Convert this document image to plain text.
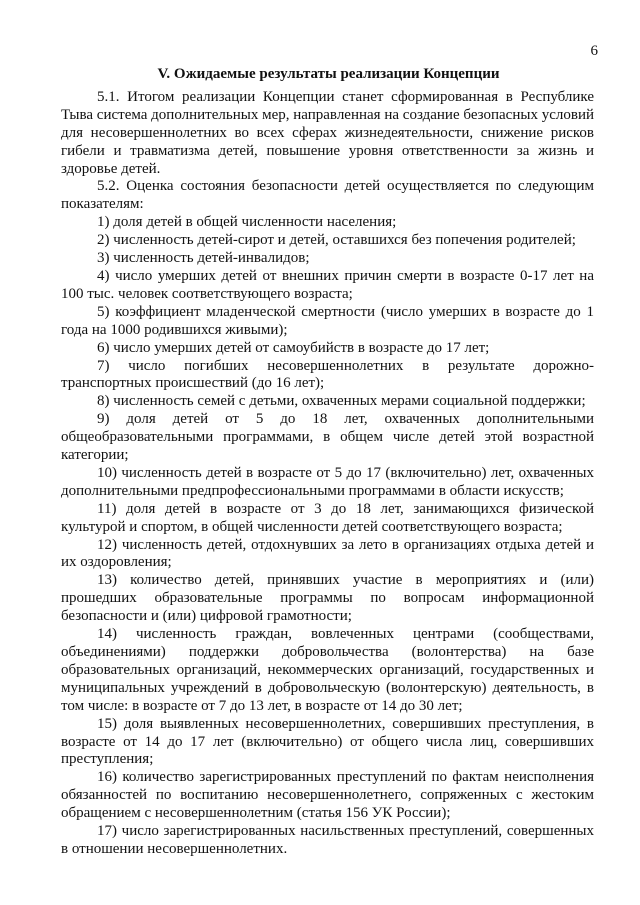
6
V. Ожидаемые результаты реализации Концепции

5.1. Итогом реализации Концепции станет сформированная в Республике Тыва система дополнительных мер, направленная на создание безопасных условий для несовершеннолетних во всех сферах жизнедеятельности, снижение рисков гибели и травматизма детей, повышение уровня ответственности за жизнь и здоровье детей.

5.2. Оценка состояния безопасности детей осуществляется по следующим показателям:

1) доля детей в общей численности населения;

2) численность детей-сирот и детей, оставшихся без попечения родителей;

3) численность детей-инвалидов;

4) число умерших детей от внешних причин смерти в возрасте 0-17 лет на 100 тыс. человек соответствующего возраста;

5) коэффициент младенческой смертности (число умерших в возрасте до 1 года на 1000 родившихся живыми);

6) число умерших детей от самоубийств в возрасте до 17 лет;

7) число погибших несовершеннолетних в результате дорожно-транспортных происшествий (до 16 лет);

8) численность семей с детьми, охваченных мерами социальной поддержки;

9) доля детей от 5 до 18 лет, охваченных дополнительными общеобразовательными программами, в общем числе детей этой возрастной категории;

10) численность детей в возрасте от 5 до 17 (включительно) лет, охваченных дополнительными предпрофессиональными программами в области искусств;

11) доля детей в возрасте от 3 до 18 лет, занимающихся физической культурой и спортом, в общей численности детей соответствующего возраста;

12) численность детей, отдохнувших за лето в организациях отдыха детей и их оздоровления;

13) количество детей, принявших участие в мероприятиях и (или) прошедших образовательные программы по вопросам информационной безопасности и (или) цифровой грамотности;

14) численность граждан, вовлеченных центрами (сообществами, объединениями) поддержки добровольчества (волонтерства) на базе образовательных организаций, некоммерческих организаций, государственных и муниципальных учреждений в добровольческую (волонтерскую) деятельность, в том числе: в возрасте от 7 до 13 лет, в возрасте от 14 до 30 лет;

15) доля выявленных несовершеннолетних, совершивших преступления, в возрасте от 14 до 17 лет (включительно) от общего числа лиц, совершивших преступления;

16) количество зарегистрированных преступлений по фактам неисполнения обязанностей по воспитанию несовершеннолетнего, сопряженных с жестоким обращением с несовершеннолетним (статья 156 УК России);

17) число зарегистрированных насильственных преступлений, совершенных в отношении несовершеннолетних.
